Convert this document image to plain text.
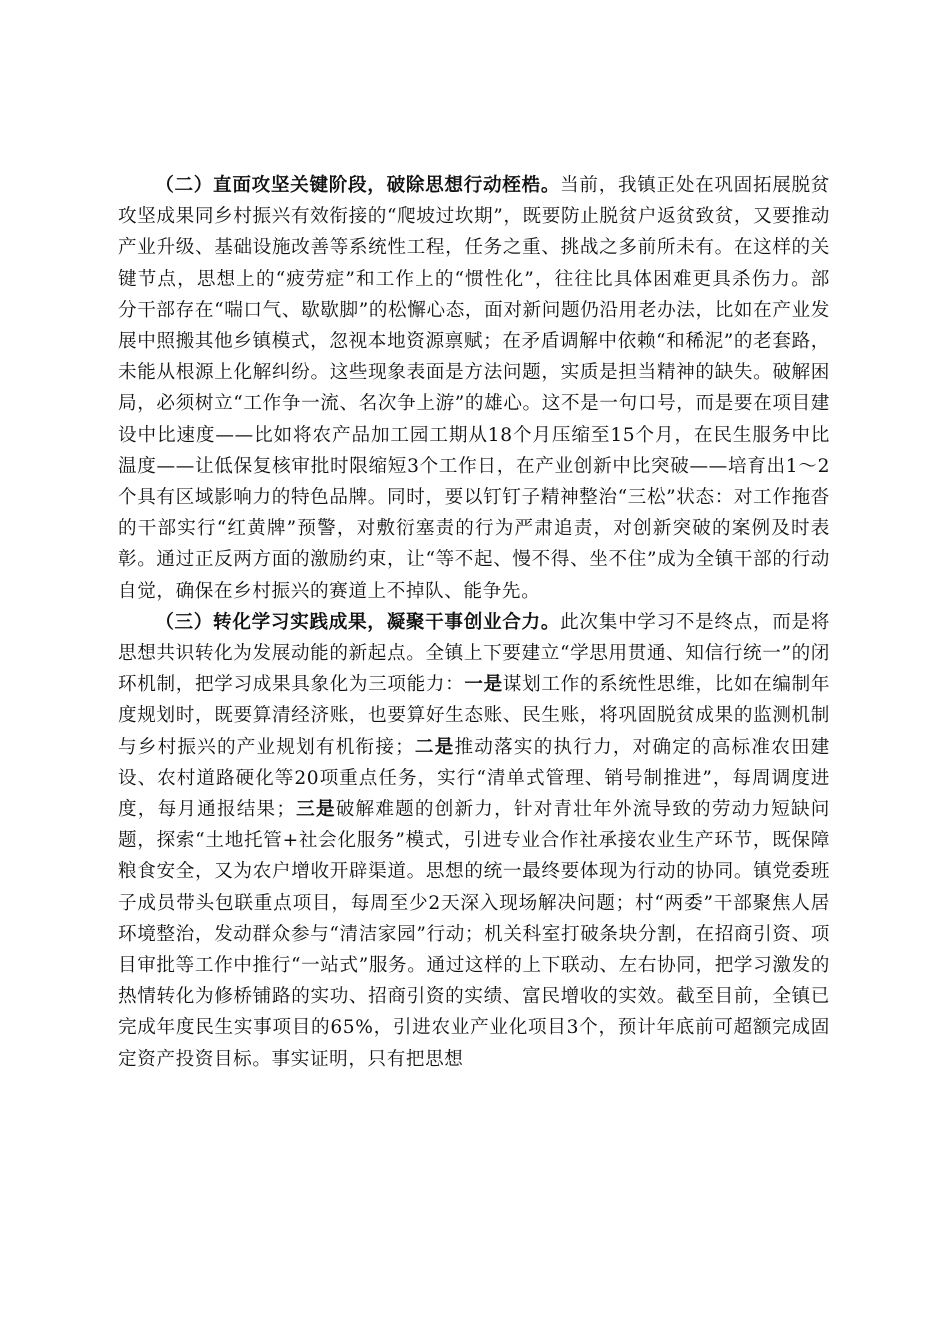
（二）直面攻坚关键阶段，破除思想行动桎梏。当前，我镇正处在巩固拓展脱贫攻坚成果同乡村振兴有效衔接的“爬坡过坎期”，既要防止脱贫户返贫致贫，又要推动产业升级、基础设施改善等系统性工程，任务之重、挑战之多前所未有。在这样的关键节点，思想上的“疲劳症”和工作上的“惯性化”，往往比具体困难更具杀伤力。部分干部存在“喘口气、歇歇脚”的松懈心态，面对新问题仍沿用老办法，比如在产业发展中照搬其他乡镇模式，忽视本地资源禀赋；在矛盾调解中依赖“和稀泥”的老套路，未能从根源上化解纠纷。这些现象表面是方法问题，实质是担当精神的缺失。破解困局，必须树立“工作争一流、名次争上游”的雄心。这不是一句口号，而是要在项目建设中比速度——比如将农产品加工园工期从18个月压缩至15个月，在民生服务中比温度——让低保复核审批时限缩短3个工作日，在产业创新中比突破——培育出1～2个具有区域影响力的特色品牌。同时，要以钉钉子精神整治“三松”状态：对工作拖沓的干部实行“红黄牌”预警，对敷衍塞责的行为严肃追责，对创新突破的案例及时表彰。通过正反两方面的激励约束，让“等不起、慢不得、坐不住”成为全镇干部的行动自觉，确保在乡村振兴的赛道上不掉队、能争先。

（三）转化学习实践成果，凝聚干事创业合力。此次集中学习不是终点，而是将思想共识转化为发展动能的新起点。全镇上下要建立“学思用贯通、知信行统一”的闭环机制，把学习成果具象化为三项能力：一是谋划工作的系统性思维，比如在编制年度规划时，既要算清经济账，也要算好生态账、民生账，将巩固脱贫成果的监测机制与乡村振兴的产业规划有机衔接；二是推动落实的执行力，对确定的高标准农田建设、农村道路硬化等20项重点任务，实行“清单式管理、销号制推进”，每周调度进度，每月通报结果；三是破解难题的创新力，针对青壮年外流导致的劳动力短缺问题，探索“土地托管+社会化服务”模式，引进专业合作社承接农业生产环节，既保障粮食安全，又为农户增收开辟渠道。思想的统一最终要体现为行动的协同。镇党委班子成员带头包联重点项目，每周至少2天深入现场解决问题；村“两委”干部聚焦人居环境整治，发动群众参与“清洁家园”行动；机关科室打破条块分割，在招商引资、项目审批等工作中推行“一站式”服务。通过这样的上下联动、左右协同，把学习激发的热情转化为修桥铺路的实功、招商引资的实绩、富民增收的实效。截至目前，全镇已完成年度民生实事项目的65%，引进农业产业化项目3个，预计年底前可超额完成固定资产投资目标。事实证明，只有把思想
